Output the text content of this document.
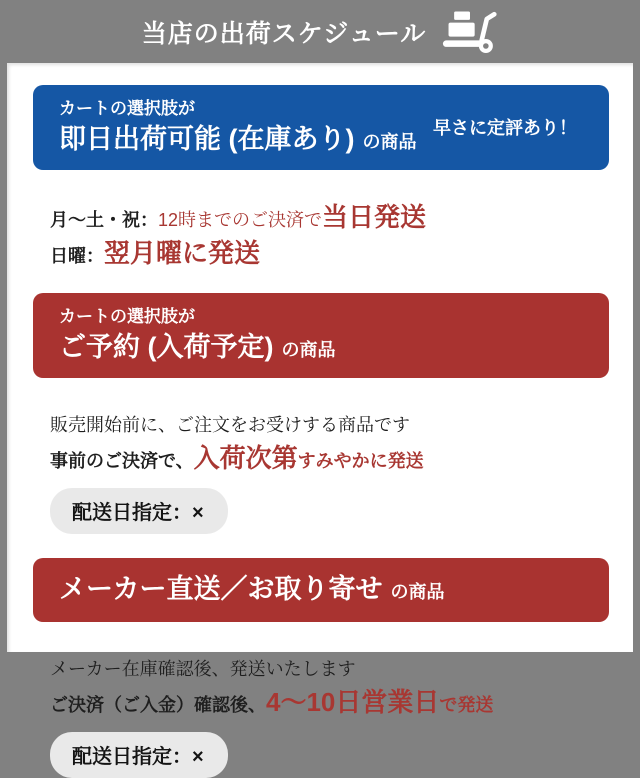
当店の出荷スケジュール
カートの選択肢が
即日出荷可能 (在庫あり) の商品
早さに定評あり！
月〜土・祝：12時までのご決済で当日発送
日曜：翌月曜に発送
カートの選択肢が
ご予約 (入荷予定) の商品
販売開始前に、ご注文をお受けする商品です
事前のご決済で、入荷次第すみやかに発送
配送日指定：×
メーカー直送／お取り寄せ の商品
メーカー在庫確認後、発送いたします
ご決済（ご入金）確認後、4〜10日営業日で発送
配送日指定：×
